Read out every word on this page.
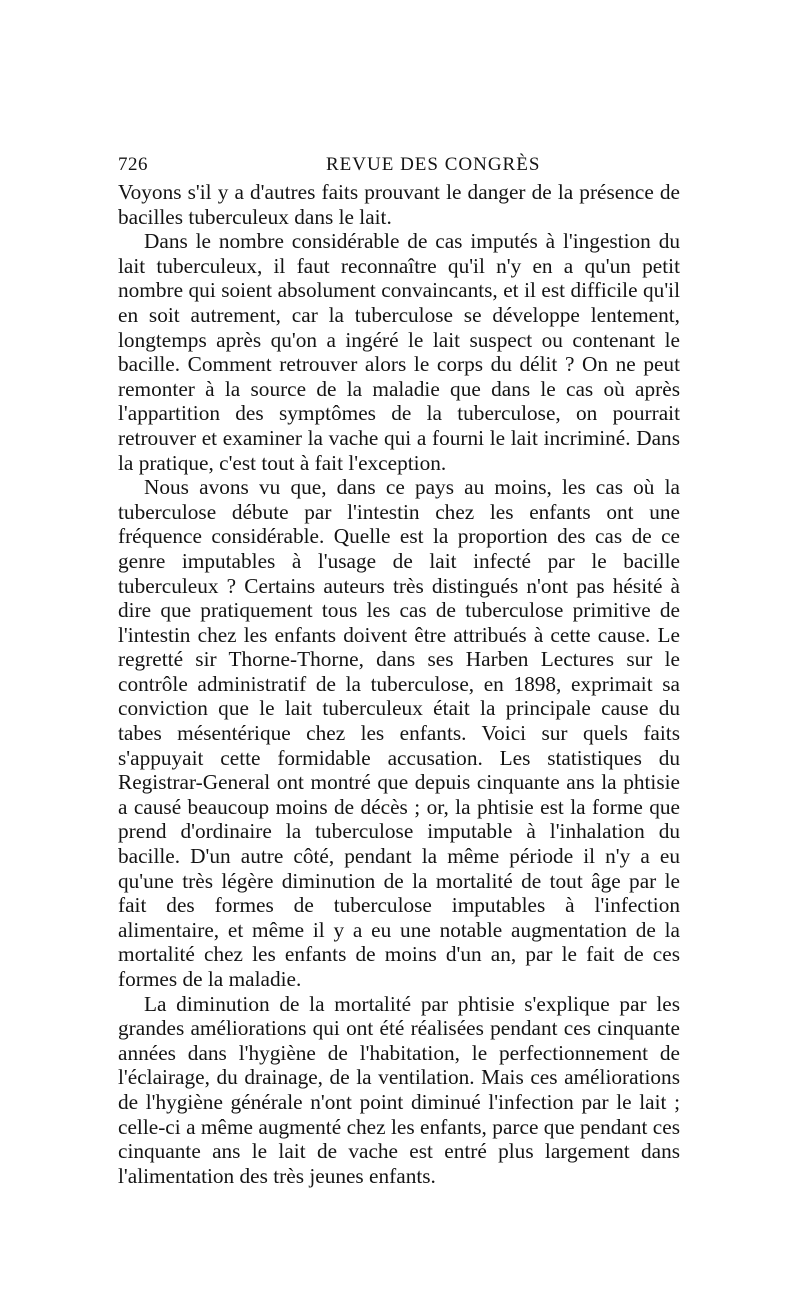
726	REVUE DES CONGRÈS

Voyons s'il y a d'autres faits prouvant le danger de la présence de bacilles tuberculeux dans le lait.

Dans le nombre considérable de cas imputés à l'ingestion du lait tuberculeux, il faut reconnaître qu'il n'y en a qu'un petit nombre qui soient absolument convaincants, et il est difficile qu'il en soit autrement, car la tuberculose se développe lentement, longtemps après qu'on a ingéré le lait suspect ou contenant le bacille. Comment retrouver alors le corps du délit ? On ne peut remonter à la source de la maladie que dans le cas où après l'appartition des symptômes de la tuberculose, on pourrait retrouver et examiner la vache qui a fourni le lait incriminé. Dans la pratique, c'est tout à fait l'exception.

Nous avons vu que, dans ce pays au moins, les cas où la tuberculose débute par l'intestin chez les enfants ont une fréquence considérable. Quelle est la proportion des cas de ce genre imputables à l'usage de lait infecté par le bacille tuberculeux ? Certains auteurs très distingués n'ont pas hésité à dire que pratiquement tous les cas de tuberculose primitive de l'intestin chez les enfants doivent être attribués à cette cause. Le regretté sir Thorne-Thorne, dans ses Harben Lectures sur le contrôle administratif de la tuberculose, en 1898, exprimait sa conviction que le lait tuberculeux était la principale cause du tabes mésentérique chez les enfants. Voici sur quels faits s'appuyait cette formidable accusation. Les statistiques du Registrar-General ont montré que depuis cinquante ans la phtisie a causé beaucoup moins de décès ; or, la phtisie est la forme que prend d'ordinaire la tuberculose imputable à l'inhalation du bacille. D'un autre côté, pendant la même période il n'y a eu qu'une très légère diminution de la mortalité de tout âge par le fait des formes de tuberculose imputables à l'infection alimentaire, et même il y a eu une notable augmentation de la mortalité chez les enfants de moins d'un an, par le fait de ces formes de la maladie.

La diminution de la mortalité par phtisie s'explique par les grandes améliorations qui ont été réalisées pendant ces cinquante années dans l'hygiène de l'habitation, le perfectionnement de l'éclairage, du drainage, de la ventilation. Mais ces améliorations de l'hygiène générale n'ont point diminué l'infection par le lait ; celle-ci a même augmenté chez les enfants, parce que pendant ces cinquante ans le lait de vache est entré plus largement dans l'alimentation des très jeunes enfants.
